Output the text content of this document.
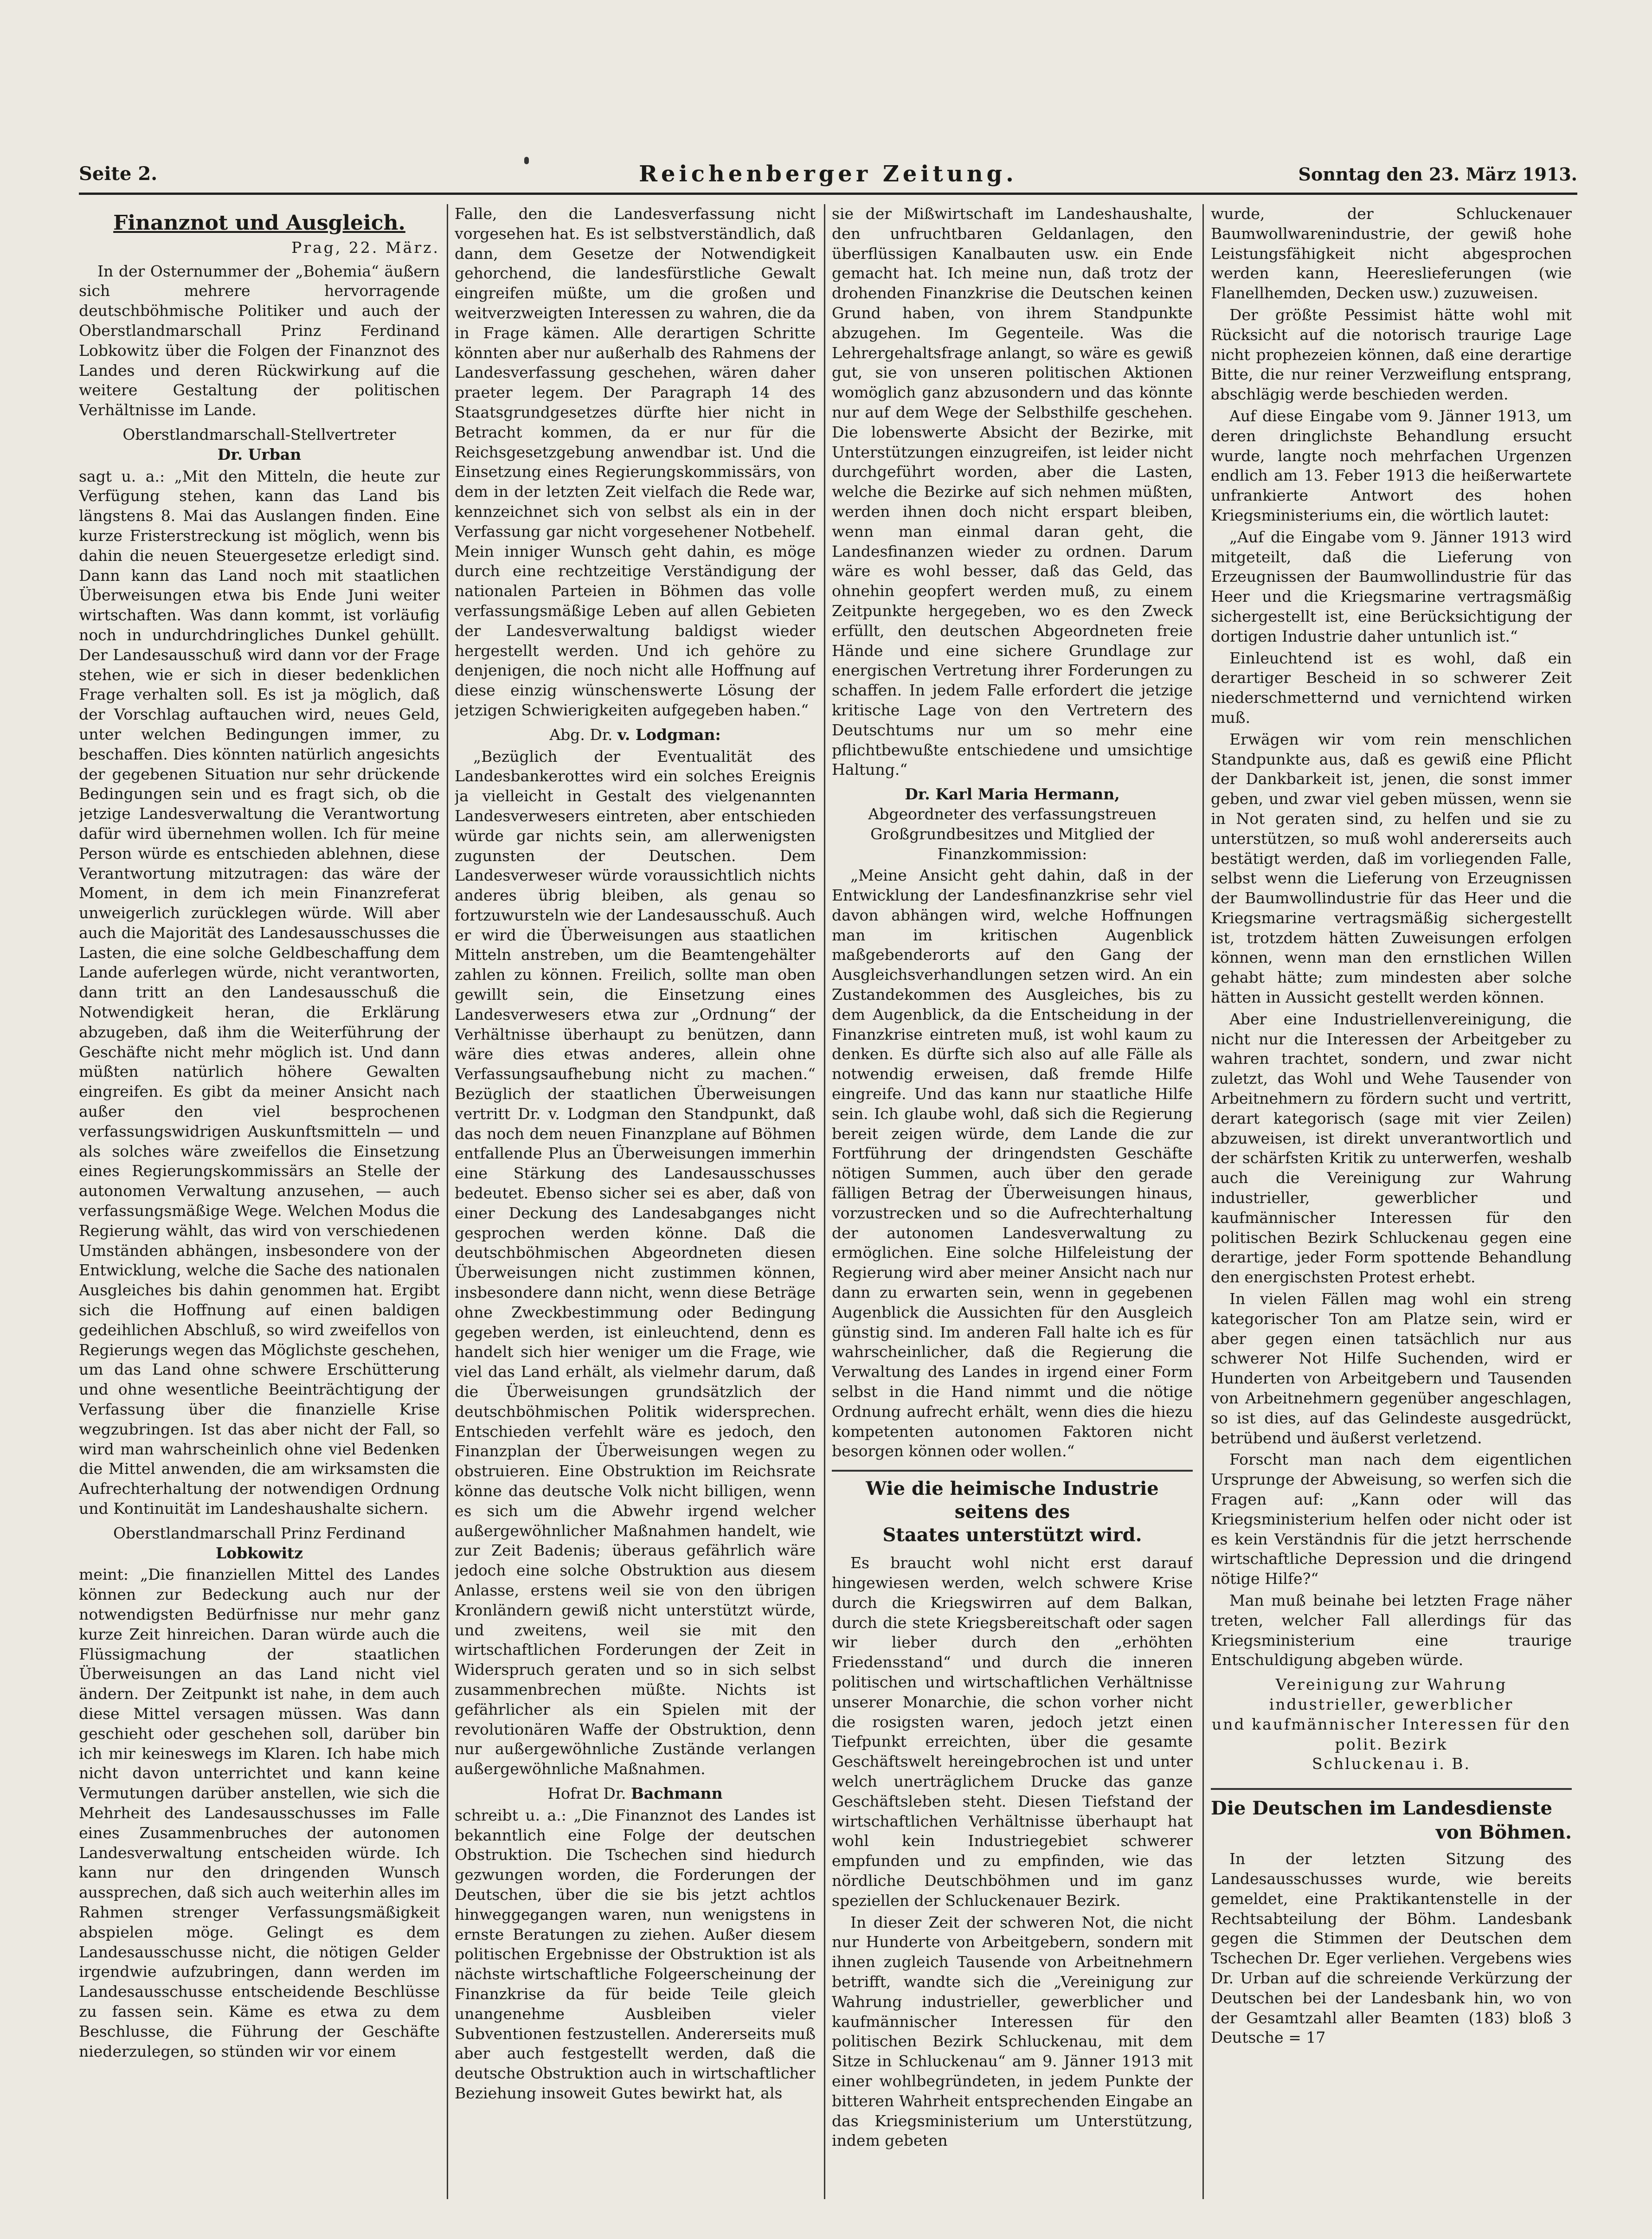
Seite 2.	Reichenberger Zeitung.	Sonntag den 23. März 1913.
Finanznot und Ausgleich.
Prag, 22. März.

In der Osternummer der „Bohemia“ äußern sich mehrere hervorragende deutschböhmische Politiker und auch der Oberstlandmarschall Prinz Ferdinand Lobkowitz über die Folgen der Finanznot des Landes und deren Rückwirkung auf die weitere Gestaltung der politischen Verhältnisse im Lande.

Oberstlandmarschall-Stellvertreter
Dr. Urban

sagt u. a.: „Mit den Mitteln, die heute zur Verfügung stehen, kann das Land bis längstens 8. Mai das Auslangen finden. Eine kurze Fristerstreckung ist möglich, wenn bis dahin die neuen Steuergesetze erledigt sind. Dann kann das Land noch mit staatlichen Überweisungen etwa bis Ende Juni weiter wirtschaften. Was dann kommt, ist vorläufig noch in undurchdringliches Dunkel gehüllt. Der Landesausschuß wird dann vor der Frage stehen, wie er sich in dieser bedenklichen Frage verhalten soll. Es ist ja möglich, daß der Vorschlag auftauchen wird, neues Geld, unter welchen Bedingungen immer, zu beschaffen. Dies könnten natürlich angesichts der gegebenen Situation nur sehr drückende Bedingungen sein und es fragt sich, ob die jetzige Landesverwaltung die Verantwortung dafür wird übernehmen wollen. Ich für meine Person würde es entschieden ablehnen, diese Verantwortung mitzutragen: das wäre der Moment, in dem ich mein Finanzreferat unweigerlich zurücklegen würde. Will aber auch die Majorität des Landesausschusses die Lasten, die eine solche Geldbeschaffung dem Lande auferlegen würde, nicht verantworten, dann tritt an den Landesausschuß die Notwendigkeit heran, die Erklärung abzugeben, daß ihm die Weiterführung der Geschäfte nicht mehr möglich ist. Und dann müßten natürlich höhere Gewalten eingreifen. Es gibt da meiner Ansicht nach außer den viel besprochenen verfassungswidrigen Auskunftsmitteln — und als solches wäre zweifellos die Einsetzung eines Regierungskommissärs an Stelle der autonomen Verwaltung anzusehen, — auch verfassungsmäßige Wege. Welchen Modus die Regierung wählt, das wird von verschiedenen Umständen abhängen, insbesondere von der Entwicklung, welche die Sache des nationalen Ausgleiches bis dahin genommen hat. Ergibt sich die Hoffnung auf einen baldigen gedeihlichen Abschluß, so wird zweifellos von Regierungs wegen das Möglichste geschehen, um das Land ohne schwere Erschütterung und ohne wesentliche Beeinträchtigung der Verfassung über die finanzielle Krise wegzubringen. Ist das aber nicht der Fall, so wird man wahrscheinlich ohne viel Bedenken die Mittel anwenden, die am wirksamsten die Aufrechterhaltung der notwendigen Ordnung und Kontinuität im Landeshaushalte sichern.

Oberstlandmarschall Prinz Ferdinand
Lobkowitz

meint: „Die finanziellen Mittel des Landes können zur Bedeckung auch nur der notwendigsten Bedürfnisse nur mehr ganz kurze Zeit hinreichen. Daran würde auch die Flüssigmachung der staatlichen Überweisungen an das Land nicht viel ändern. Der Zeitpunkt ist nahe, in dem auch diese Mittel versagen müssen. Was dann geschieht oder geschehen soll, darüber bin ich mir keineswegs im Klaren. Ich habe mich nicht davon unterrichtet und kann keine Vermutungen darüber anstellen, wie sich die Mehrheit des Landesausschusses im Falle eines Zusammenbruches der autonomen Landesverwaltung entscheiden würde. Ich kann nur den dringenden Wunsch aussprechen, daß sich auch weiterhin alles im Rahmen strenger Verfassungsmäßigkeit abspielen möge. Gelingt es dem Landesausschusse nicht, die nötigen Gelder irgendwie aufzubringen, dann werden im Landesausschusse entscheidende Beschlüsse zu fassen sein. Käme es etwa zu dem Beschlusse, die Führung der Geschäfte niederzulegen, so stünden wir vor einem

Falle, den die Landesverfassung nicht vorgesehen hat. Es ist selbstverständlich, daß dann, dem Gesetze der Notwendigkeit gehorchend, die landesfürstliche Gewalt eingreifen müßte, um die großen und weitverzweigten Interessen zu wahren, die da in Frage kämen. Alle derartigen Schritte könnten aber nur außerhalb des Rahmens der Landesverfassung geschehen, wären daher praeter legem. Der Paragraph 14 des Staatsgrundgesetzes dürfte hier nicht in Betracht kommen, da er nur für die Reichsgesetzgebung anwendbar ist. Und die Einsetzung eines Regierungskommissärs, von dem in der letzten Zeit vielfach die Rede war, kennzeichnet sich von selbst als ein in der Verfassung gar nicht vorgesehener Notbehelf. Mein inniger Wunsch geht dahin, es möge durch eine rechtzeitige Verständigung der nationalen Parteien in Böhmen das volle verfassungsmäßige Leben auf allen Gebieten der Landesverwaltung baldigst wieder hergestellt werden. Und ich gehöre zu denjenigen, die noch nicht alle Hoffnung auf diese einzig wünschenswerte Lösung der jetzigen Schwierigkeiten aufgegeben haben.“

Abg. Dr. v. Lodgman:

„Bezüglich der Eventualität des Landesbankerottes wird ein solches Ereignis ja vielleicht in Gestalt des vielgenannten Landesverwesers eintreten, aber entschieden würde gar nichts sein, am allerwenigsten zugunsten der Deutschen. Dem Landesverweser würde voraussichtlich nichts anderes übrig bleiben, als genau so fortzuwursteln wie der Landesausschuß. Auch er wird die Überweisungen aus staatlichen Mitteln anstreben, um die Beamtengehälter zahlen zu können. Freilich, sollte man oben gewillt sein, die Einsetzung eines Landesverwesers etwa zur „Ordnung“ der Verhältnisse überhaupt zu benützen, dann wäre dies etwas anderes, allein ohne Verfassungsaufhebung nicht zu machen.“ Bezüglich der staatlichen Überweisungen vertritt Dr. v. Lodgman den Standpunkt, daß das noch dem neuen Finanzplane auf Böhmen entfallende Plus an Überweisungen immerhin eine Stärkung des Landesausschusses bedeutet. Ebenso sicher sei es aber, daß von einer Deckung des Landesabganges nicht gesprochen werden könne. Daß die deutschböhmischen Abgeordneten diesen Überweisungen nicht zustimmen können, insbesondere dann nicht, wenn diese Beträge ohne Zweckbestimmung oder Bedingung gegeben werden, ist einleuchtend, denn es handelt sich hier weniger um die Frage, wie viel das Land erhält, als vielmehr darum, daß die Überweisungen grundsätzlich der deutschböhmischen Politik widersprechen. Entschieden verfehlt wäre es jedoch, den Finanzplan der Überweisungen wegen zu obstruieren. Eine Obstruktion im Reichsrate könne das deutsche Volk nicht billigen, wenn es sich um die Abwehr irgend welcher außergewöhnlicher Maßnahmen handelt, wie zur Zeit Badenis; überaus gefährlich wäre jedoch eine solche Obstruktion aus diesem Anlasse, erstens weil sie von den übrigen Kronländern gewiß nicht unterstützt würde, und zweitens, weil sie mit den wirtschaftlichen Forderungen der Zeit in Widerspruch geraten und so in sich selbst zusammenbrechen müßte. Nichts ist gefährlicher als ein Spielen mit der revolutionären Waffe der Obstruktion, denn nur außergewöhnliche Zustände verlangen außergewöhnliche Maßnahmen.

Hofrat Dr. Bachmann

schreibt u. a.: „Die Finanznot des Landes ist bekanntlich eine Folge der deutschen Obstruktion. Die Tschechen sind hiedurch gezwungen worden, die Forderungen der Deutschen, über die sie bis jetzt achtlos hinweggegangen waren, nun wenigstens in ernste Beratungen zu ziehen. Außer diesem politischen Ergebnisse der Obstruktion ist als nächste wirtschaftliche Folgeerscheinung der Finanzkrise da für beide Teile gleich unangenehme Ausbleiben vieler Subventionen festzustellen. Andererseits muß aber auch festgestellt werden, daß die deutsche Obstruktion auch in wirtschaftlicher Beziehung insoweit Gutes bewirkt hat, als

sie der Mißwirtschaft im Landeshaushalte, den unfruchtbaren Geldanlagen, den überflüssigen Kanalbauten usw. ein Ende gemacht hat. Ich meine nun, daß trotz der drohenden Finanzkrise die Deutschen keinen Grund haben, von ihrem Standpunkte abzugehen. Im Gegenteile. Was die Lehrergehaltsfrage anlangt, so wäre es gewiß gut, sie von unseren politischen Aktionen womöglich ganz abzusondern und das könnte nur auf dem Wege der Selbsthilfe geschehen. Die lobenswerte Absicht der Bezirke, mit Unterstützungen einzugreifen, ist leider nicht durchgeführt worden, aber die Lasten, welche die Bezirke auf sich nehmen müßten, werden ihnen doch nicht erspart bleiben, wenn man einmal daran geht, die Landesfinanzen wieder zu ordnen. Darum wäre es wohl besser, daß das Geld, das ohnehin geopfert werden muß, zu einem Zeitpunkte hergegeben, wo es den Zweck erfüllt, den deutschen Abgeordneten freie Hände und eine sichere Grundlage zur energischen Vertretung ihrer Forderungen zu schaffen. In jedem Falle erfordert die jetzige kritische Lage von den Vertretern des Deutschtums nur um so mehr eine pflichtbewußte entschiedene und umsichtige Haltung.“

Dr. Karl Maria Hermann,
Abgeordneter des verfassungstreuen Großgrundbesitzes und Mitglied der Finanzkommission:

„Meine Ansicht geht dahin, daß in der Entwicklung der Landesfinanzkrise sehr viel davon abhängen wird, welche Hoffnungen man im kritischen Augenblick maßgebenderorts auf den Gang der Ausgleichsverhandlungen setzen wird. An ein Zustandekommen des Ausgleiches, bis zu dem Augenblick, da die Entscheidung in der Finanzkrise eintreten muß, ist wohl kaum zu denken. Es dürfte sich also auf alle Fälle als notwendig erweisen, daß fremde Hilfe eingreife. Und das kann nur staatliche Hilfe sein. Ich glaube wohl, daß sich die Regierung bereit zeigen würde, dem Lande die zur Fortführung der dringendsten Geschäfte nötigen Summen, auch über den gerade fälligen Betrag der Überweisungen hinaus, vorzustrecken und so die Aufrechterhaltung der autonomen Landesverwaltung zu ermöglichen. Eine solche Hilfeleistung der Regierung wird aber meiner Ansicht nach nur dann zu erwarten sein, wenn in gegebenen Augenblick die Aussichten für den Ausgleich günstig sind. Im anderen Fall halte ich es für wahrscheinlicher, daß die Regierung die Verwaltung des Landes in irgend einer Form selbst in die Hand nimmt und die nötige Ordnung aufrecht erhält, wenn dies die hiezu kompetenten autonomen Faktoren nicht besorgen können oder wollen.“

Wie die heimische Industrie seitens des
Staates unterstützt wird.

Es braucht wohl nicht erst darauf hingewiesen werden, welch schwere Krise durch die Kriegswirren auf dem Balkan, durch die stete Kriegsbereitschaft oder sagen wir lieber durch den „erhöhten Friedensstand“ und durch die inneren politischen und wirtschaftlichen Verhältnisse unserer Monarchie, die schon vorher nicht die rosigsten waren, jedoch jetzt einen Tiefpunkt erreichten, über die gesamte Geschäftswelt hereingebrochen ist und unter welch unerträglichem Drucke das ganze Geschäftsleben steht. Diesen Tiefstand der wirtschaftlichen Verhältnisse überhaupt hat wohl kein Industriegebiet schwerer empfunden und zu empfinden, wie das nördliche Deutschböhmen und im ganz speziellen der Schluckenauer Bezirk.

In dieser Zeit der schweren Not, die nicht nur Hunderte von Arbeitgebern, sondern mit ihnen zugleich Tausende von Arbeitnehmern betrifft, wandte sich die „Vereinigung zur Wahrung industrieller, gewerblicher und kaufmännischer Interessen für den politischen Bezirk Schluckenau, mit dem Sitze in Schluckenau“ am 9. Jänner 1913 mit einer wohlbegründeten, in jedem Punkte der bitteren Wahrheit entsprechenden Eingabe an das Kriegsministerium um Unterstützung, indem gebeten

wurde, der Schluckenauer Baumwollwarenindustrie, der gewiß hohe Leistungsfähigkeit nicht abgesprochen werden kann, Heereslieferungen (wie Flanellhemden, Decken usw.) zuzuweisen.

Der größte Pessimist hätte wohl mit Rücksicht auf die notorisch traurige Lage nicht prophezeien können, daß eine derartige Bitte, die nur reiner Verzweiflung entsprang, abschlägig werde beschieden werden.

Auf diese Eingabe vom 9. Jänner 1913, um deren dringlichste Behandlung ersucht wurde, langte noch mehrfachen Urgenzen endlich am 13. Feber 1913 die heißerwartete unfrankierte Antwort des hohen Kriegsministeriums ein, die wörtlich lautet:

„Auf die Eingabe vom 9. Jänner 1913 wird mitgeteilt, daß die Lieferung von Erzeugnissen der Baumwollindustrie für das Heer und die Kriegsmarine vertragsmäßig sichergestellt ist, eine Berücksichtigung der dortigen Industrie daher untunlich ist.“

Einleuchtend ist es wohl, daß ein derartiger Bescheid in so schwerer Zeit niederschmetternd und vernichtend wirken muß.

Erwägen wir vom rein menschlichen Standpunkte aus, daß es gewiß eine Pflicht der Dankbarkeit ist, jenen, die sonst immer geben, und zwar viel geben müssen, wenn sie in Not geraten sind, zu helfen und sie zu unterstützen, so muß wohl andererseits auch bestätigt werden, daß im vorliegenden Falle, selbst wenn die Lieferung von Erzeugnissen der Baumwollindustrie für das Heer und die Kriegsmarine vertragsmäßig sichergestellt ist, trotzdem hätten Zuweisungen erfolgen können, wenn man den ernstlichen Willen gehabt hätte; zum mindesten aber solche hätten in Aussicht gestellt werden können.

Aber eine Industriellenvereinigung, die nicht nur die Interessen der Arbeitgeber zu wahren trachtet, sondern, und zwar nicht zuletzt, das Wohl und Wehe Tausender von Arbeitnehmern zu fördern sucht und vertritt, derart kategorisch (sage mit vier Zeilen) abzuweisen, ist direkt unverantwortlich und der schärfsten Kritik zu unterwerfen, weshalb auch die Vereinigung zur Wahrung industrieller, gewerblicher und kaufmännischer Interessen für den politischen Bezirk Schluckenau gegen eine derartige, jeder Form spottende Behandlung den energischsten Protest erhebt.

In vielen Fällen mag wohl ein streng kategorischer Ton am Platze sein, wird er aber gegen einen tatsächlich nur aus schwerer Not Hilfe Suchenden, wird er Hunderten von Arbeitgebern und Tausenden von Arbeitnehmern gegenüber angeschlagen, so ist dies, auf das Gelindeste ausgedrückt, betrübend und äußerst verletzend.

Forscht man nach dem eigentlichen Ursprunge der Abweisung, so werfen sich die Fragen auf: „Kann oder will das Kriegsministerium helfen oder nicht oder ist es kein Verständnis für die jetzt herrschende wirtschaftliche Depression und die dringend nötige Hilfe?“

Man muß beinahe bei letzten Frage näher treten, welcher Fall allerdings für das Kriegsministerium eine traurige Entschuldigung abgeben würde.

Vereinigung zur Wahrung
industrieller, gewerblicher
und kaufmännischer Interessen für den polit. Bezirk
Schluckenau i. B.
Die Deutschen im Landesdienste
von Böhmen.

In der letzten Sitzung des Landesausschusses wurde, wie bereits gemeldet, eine Praktikantenstelle in der Rechtsabteilung der Böhm. Landesbank gegen die Stimmen der Deutschen dem Tschechen Dr. Eger verliehen. Vergebens wies Dr. Urban auf die schreiende Verkürzung der Deutschen bei der Landesbank hin, wo von der Gesamtzahl aller Beamten (183) bloß 3 Deutsche = 17
